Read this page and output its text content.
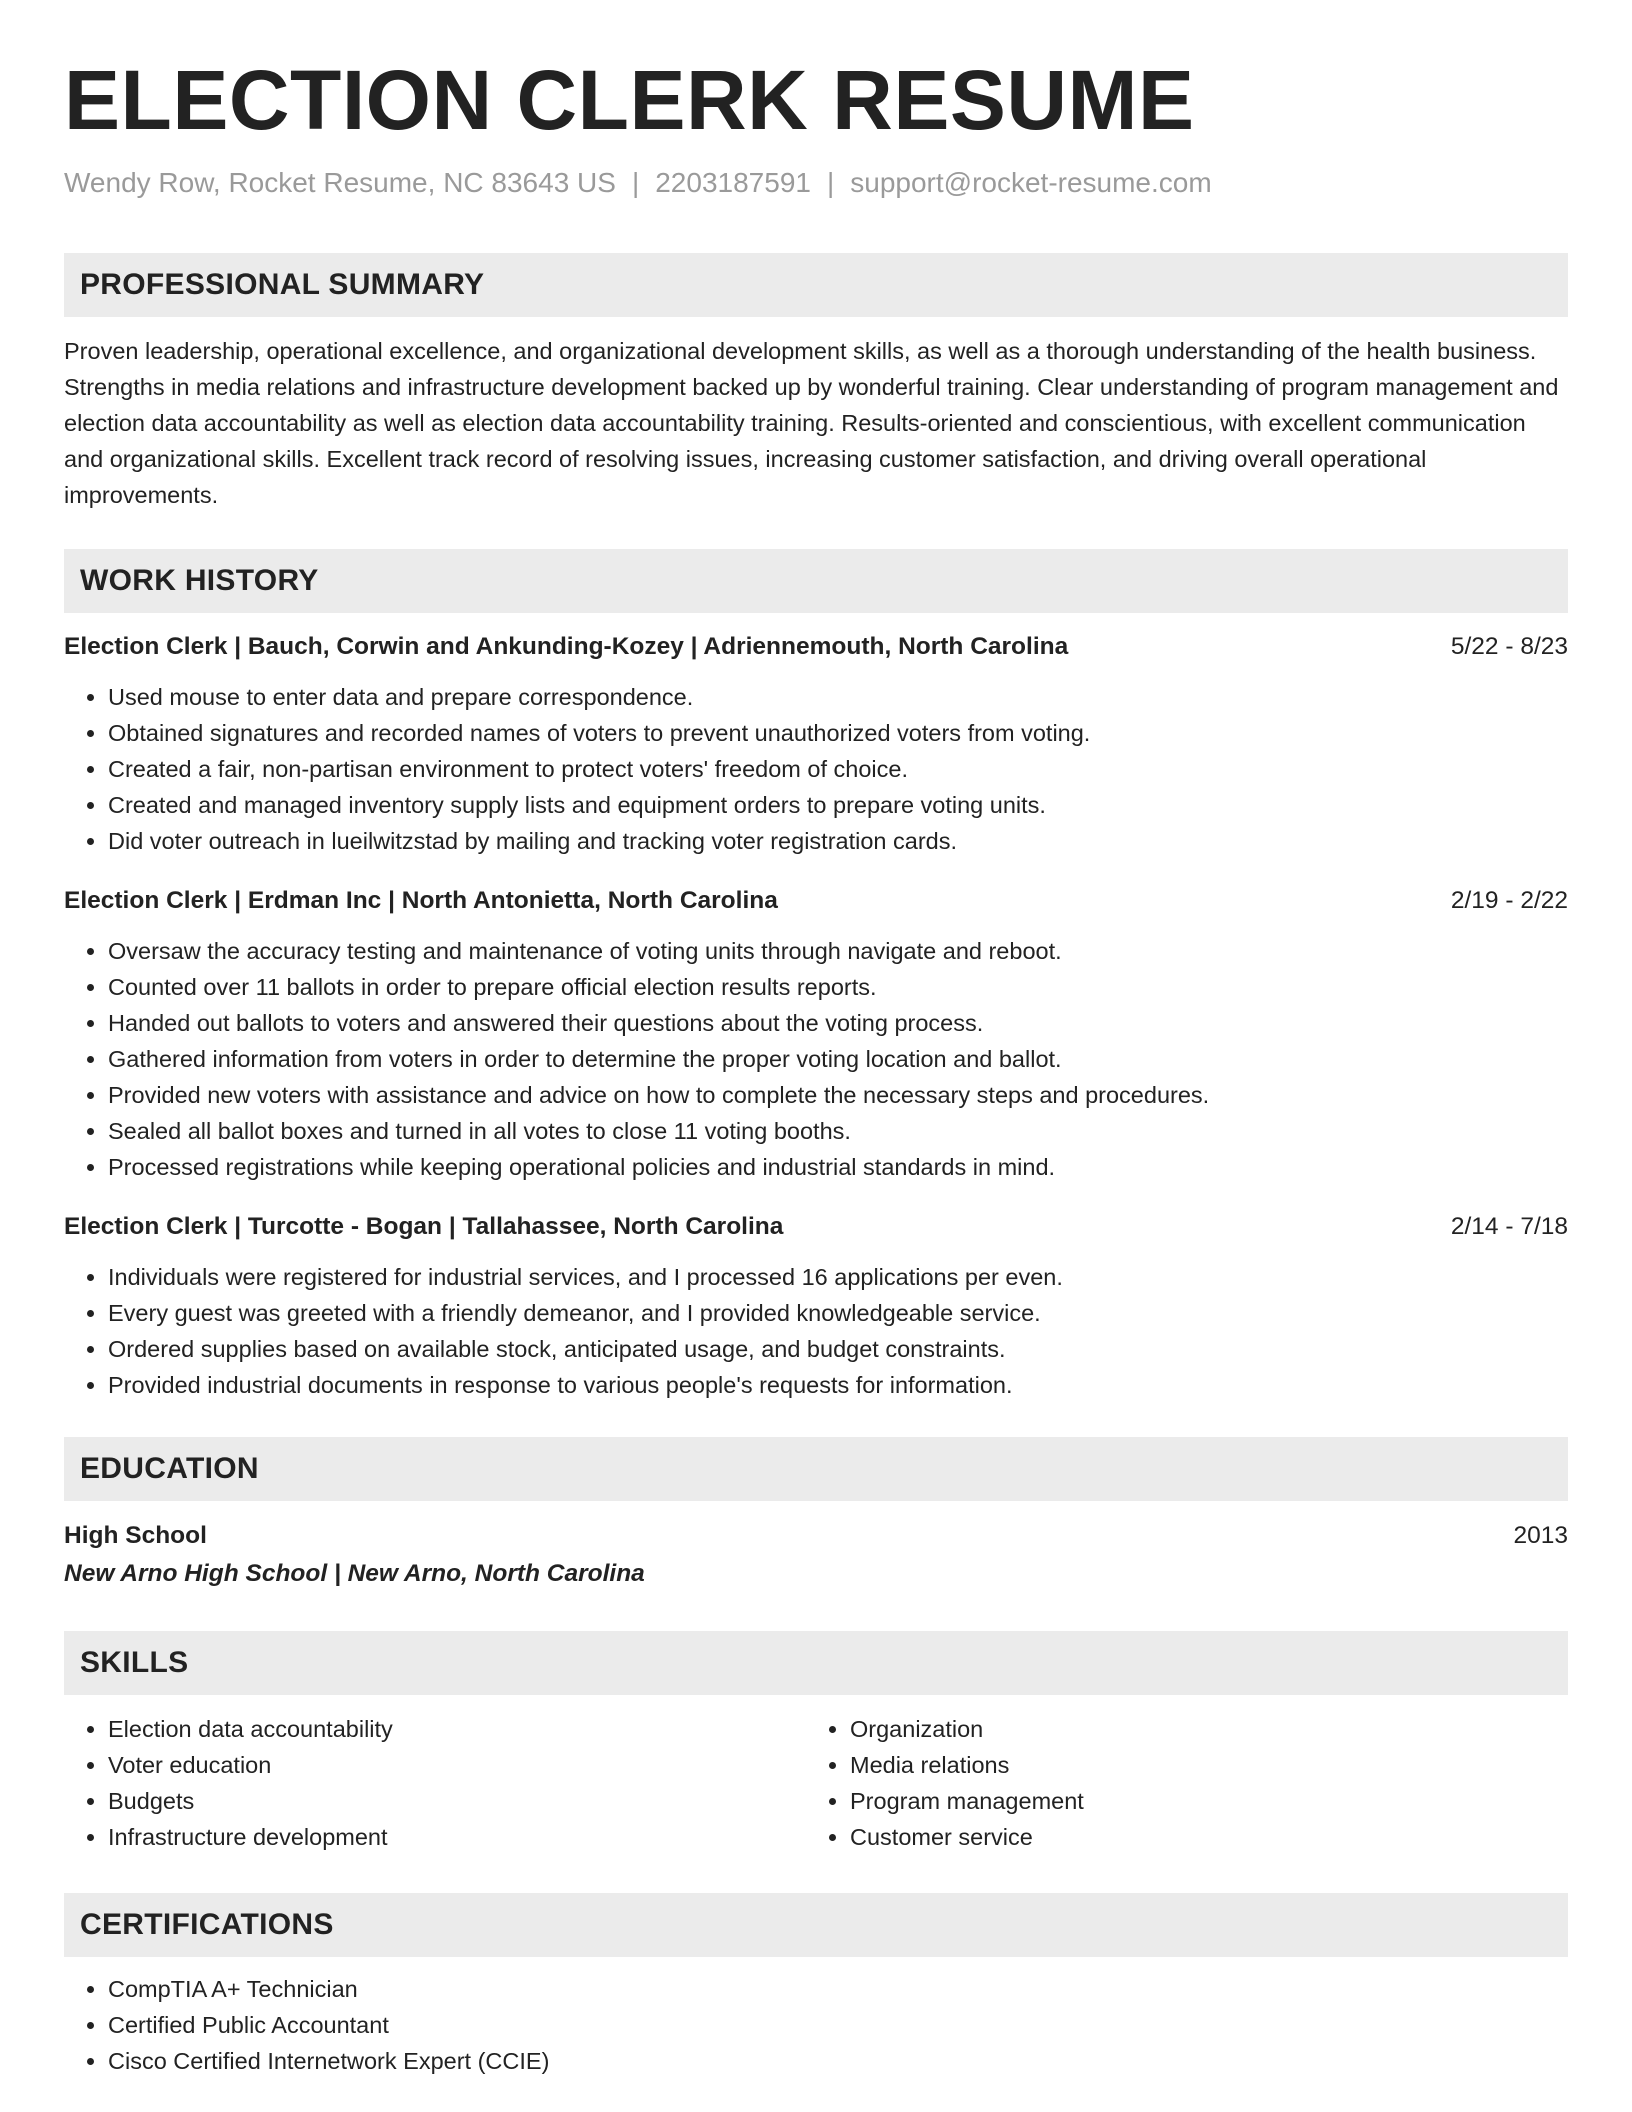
ELECTION CLERK RESUME
Wendy Row, Rocket Resume, NC 83643 US | 2203187591 | support@rocket-resume.com
PROFESSIONAL SUMMARY
Proven leadership, operational excellence, and organizational development skills, as well as a thorough understanding of the health business. Strengths in media relations and infrastructure development backed up by wonderful training. Clear understanding of program management and election data accountability as well as election data accountability training. Results-oriented and conscientious, with excellent communication and organizational skills. Excellent track record of resolving issues, increasing customer satisfaction, and driving overall operational improvements.
WORK HISTORY
Election Clerk | Bauch, Corwin and Ankunding-Kozey | Adriennemouth, North Carolina	5/22 - 8/23
• Used mouse to enter data and prepare correspondence.
• Obtained signatures and recorded names of voters to prevent unauthorized voters from voting.
• Created a fair, non-partisan environment to protect voters' freedom of choice.
• Created and managed inventory supply lists and equipment orders to prepare voting units.
• Did voter outreach in lueilwitzstad by mailing and tracking voter registration cards.
Election Clerk | Erdman Inc | North Antonietta, North Carolina	2/19 - 2/22
• Oversaw the accuracy testing and maintenance of voting units through navigate and reboot.
• Counted over 11 ballots in order to prepare official election results reports.
• Handed out ballots to voters and answered their questions about the voting process.
• Gathered information from voters in order to determine the proper voting location and ballot.
• Provided new voters with assistance and advice on how to complete the necessary steps and procedures.
• Sealed all ballot boxes and turned in all votes to close 11 voting booths.
• Processed registrations while keeping operational policies and industrial standards in mind.
Election Clerk | Turcotte - Bogan | Tallahassee, North Carolina	2/14 - 7/18
• Individuals were registered for industrial services, and I processed 16 applications per even.
• Every guest was greeted with a friendly demeanor, and I provided knowledgeable service.
• Ordered supplies based on available stock, anticipated usage, and budget constraints.
• Provided industrial documents in response to various people's requests for information.
EDUCATION
High School	2013
New Arno High School | New Arno, North Carolina
SKILLS
• Election data accountability
• Voter education
• Budgets
• Infrastructure development
• Organization
• Media relations
• Program management
• Customer service
CERTIFICATIONS
• CompTIA A+ Technician
• Certified Public Accountant
• Cisco Certified Internetwork Expert (CCIE)
